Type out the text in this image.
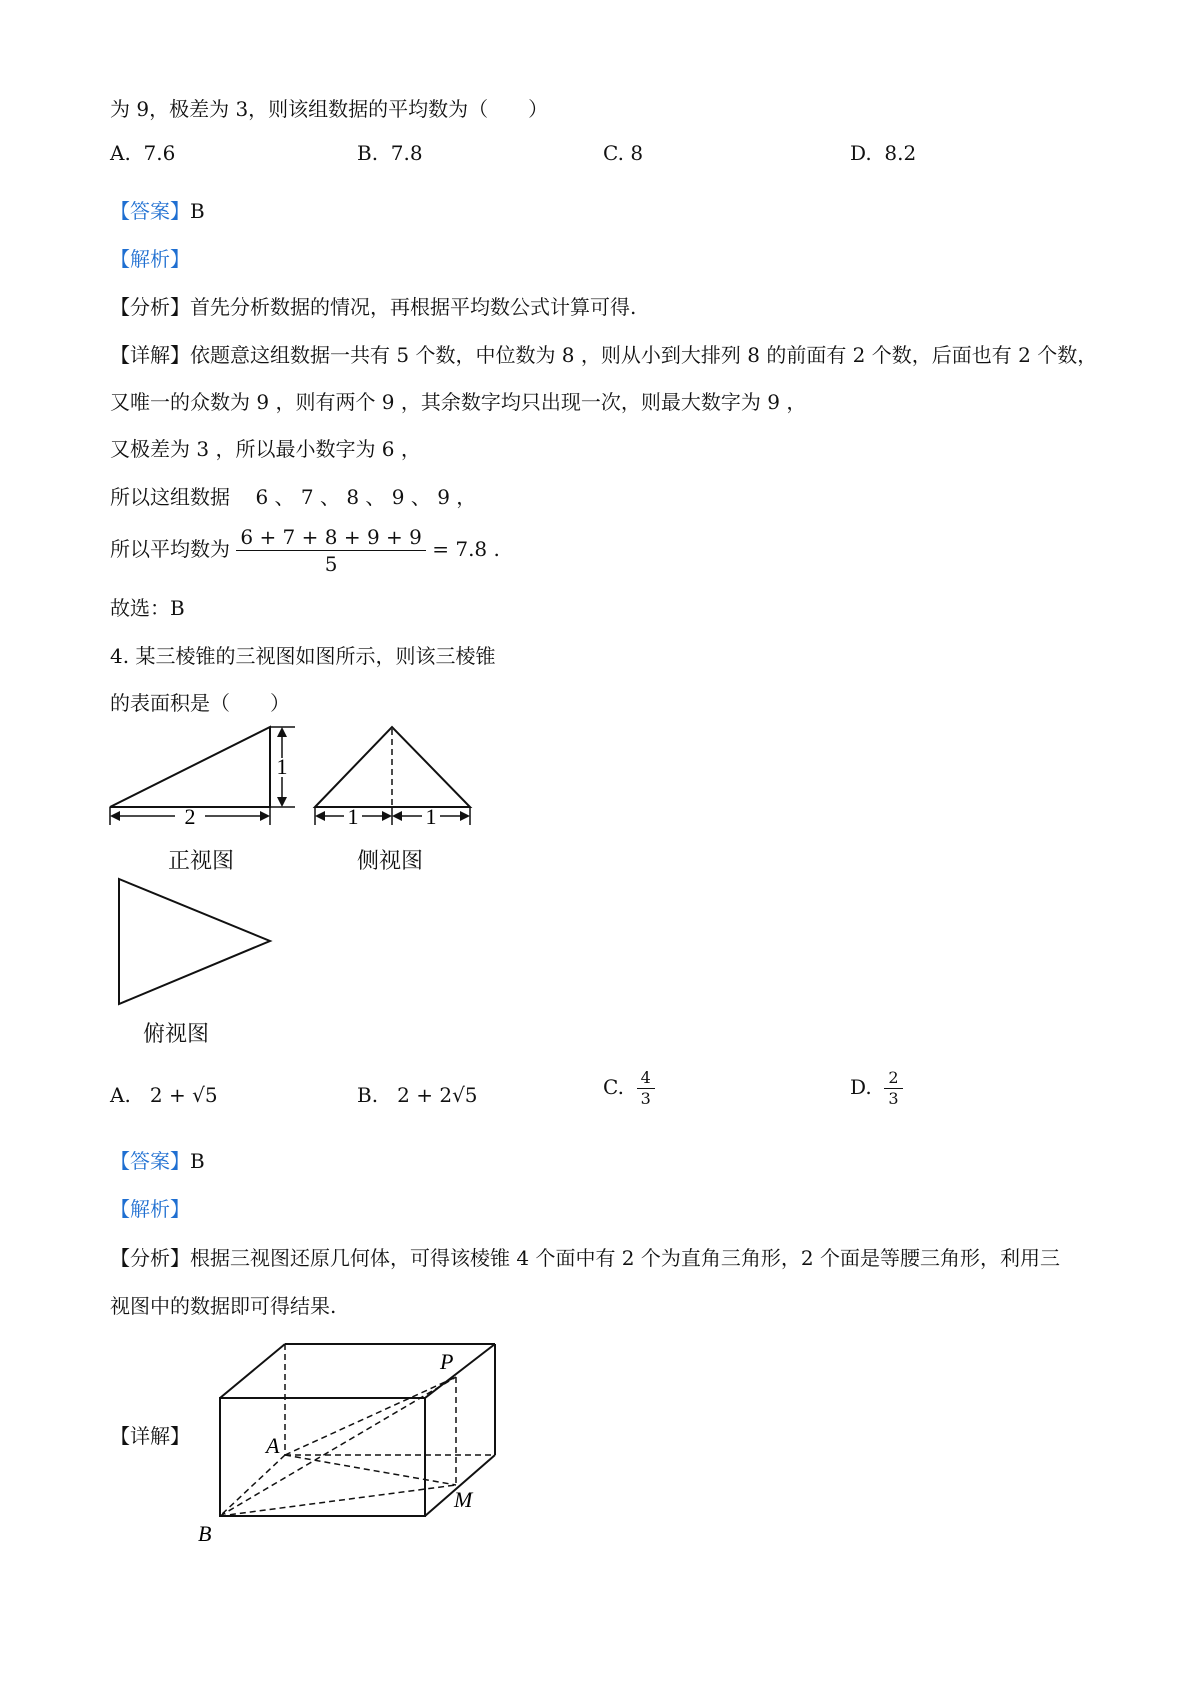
为 9，极差为 3，则该组数据的平均数为（　　）
A. 7.6	B. 7.8	C. 8	D. 8.2
【答案】B
【解析】
【分析】首先分析数据的情况，再根据平均数公式计算可得.
【详解】依题意这组数据一共有 5 个数，中位数为 8 ，则从小到大排列 8 的前面有 2 个数，后面也有 2 个数，
又唯一的众数为 9 ，则有两个 9 ，其余数字均只出现一次，则最大数字为 9 ，
又极差为 3 ，所以最小数字为 6 ，
所以这组数据 6 、 7 、 8 、 9 、 9 ，
所以平均数为 $\frac{6 + 7 + 8 + 9 + 9}{5} = 7.8$ .
故选：B
4. 某三棱锥的三视图如图所示，则该三棱锥
的表面积是（　　）
1
2
正视图
1	1
侧视图
俯视图
A. 2 + √5	B. 2 + 2√5	C. $\frac{4}{3}$	D. $\frac{2}{3}$
【答案】B
【解析】
【分析】根据三视图还原几何体，可得该棱锥 4 个面中有 2 个为直角三角形，2 个面是等腰三角形，利用三
视图中的数据即可得结果.
【详解】
P
A
M
B
